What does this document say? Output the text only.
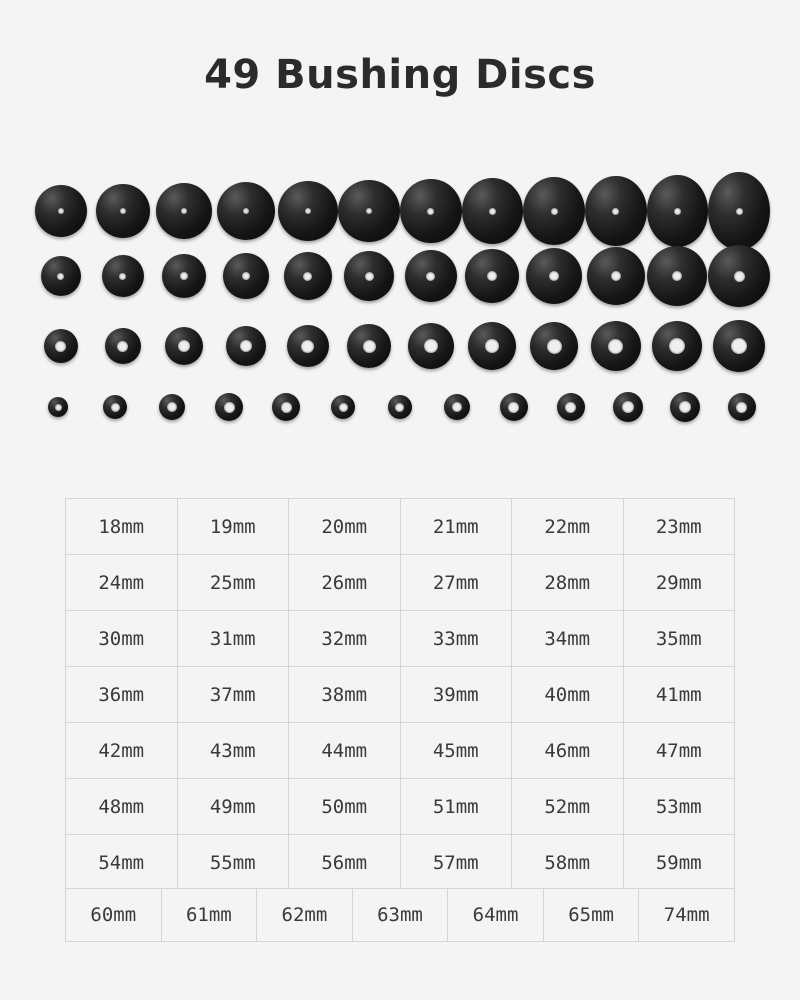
49 Bushing Discs
18mm	19mm	20mm	21mm	22mm	23mm
24mm	25mm	26mm	27mm	28mm	29mm
30mm	31mm	32mm	33mm	34mm	35mm
36mm	37mm	38mm	39mm	40mm	41mm
42mm	43mm	44mm	45mm	46mm	47mm
48mm	49mm	50mm	51mm	52mm	53mm
54mm	55mm	56mm	57mm	58mm	59mm
60mm	61mm	62mm	63mm	64mm	65mm	74mm
